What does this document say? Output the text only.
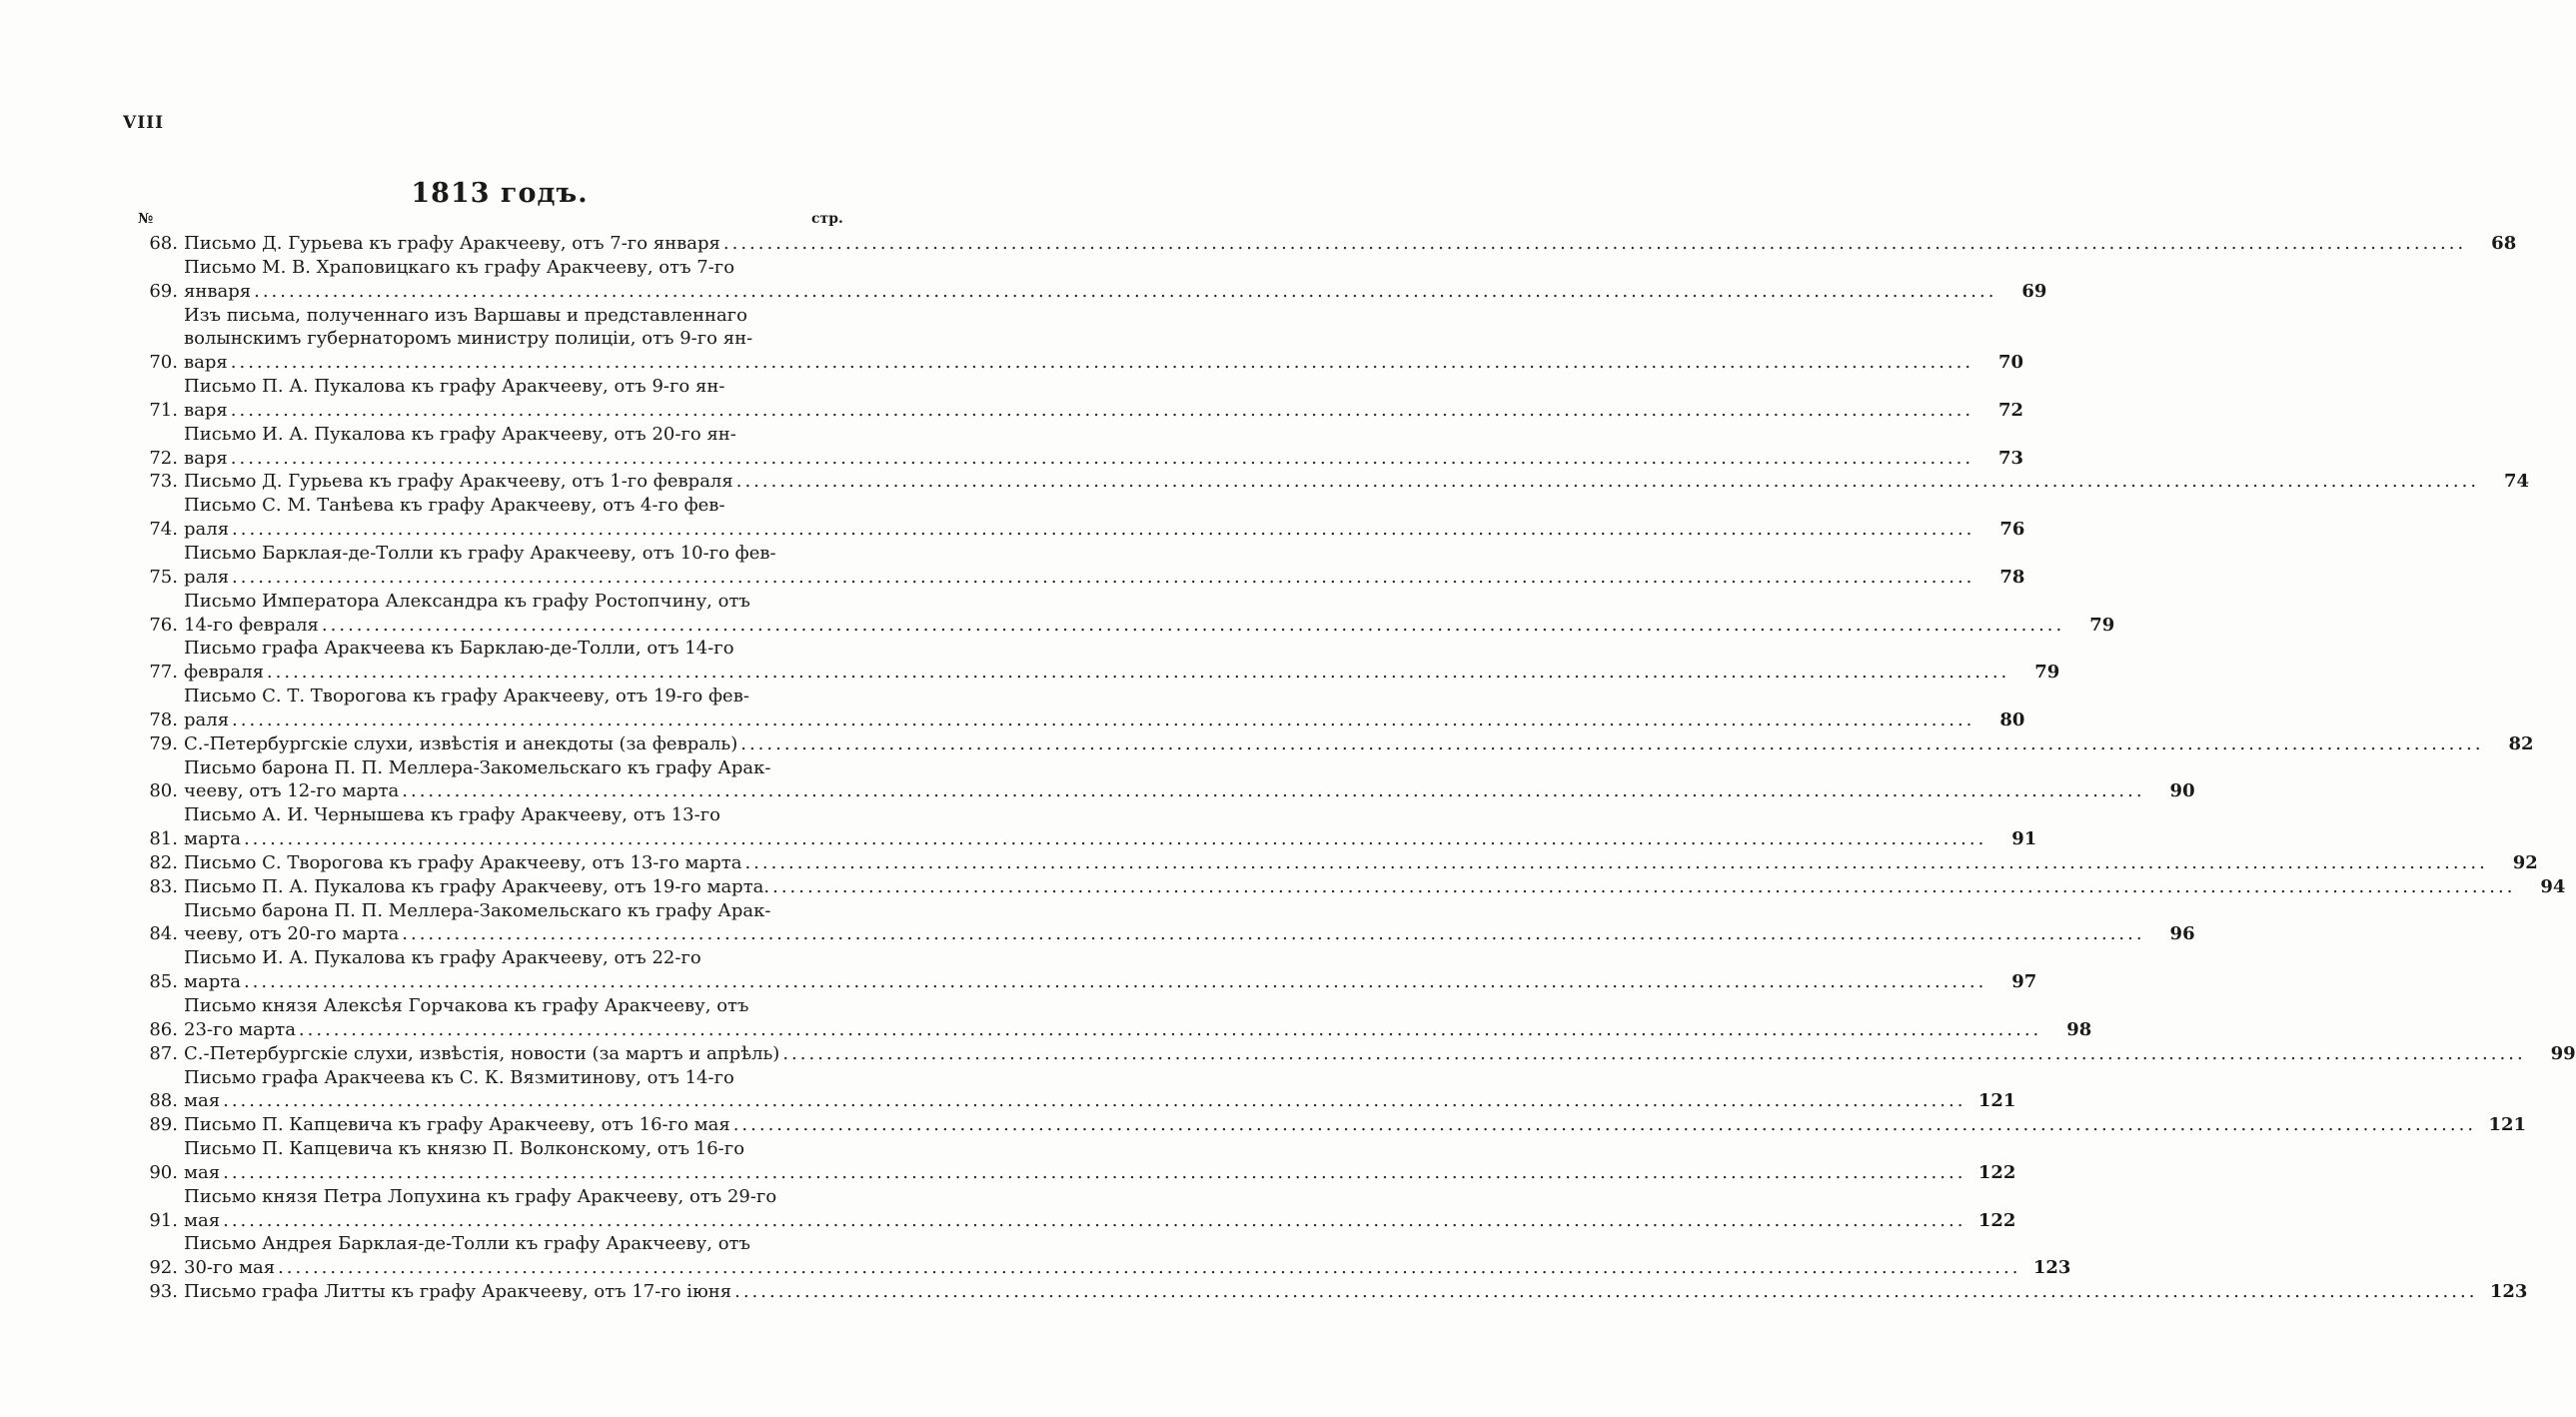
VIII
1813 годъ.
№	стр.
68. Письмо Д. Гурьева къ графу Аракчееву, отъ 7-го января ........................................................................................................................................................................................................	68
69.
Письмо М. В. Храповицкаго къ графу Аракчееву, отъ 7-го
января ........................................................................................................................................................................................................	69
70.
Изъ письма, полученнаго изъ Варшавы и представленнаго
волынскимъ губернаторомъ министру полиціи, отъ 9-го ян-
варя ........................................................................................................................................................................................................	70
71.
Письмо П. А. Пукалова къ графу Аракчееву, отъ 9-го ян-
варя ........................................................................................................................................................................................................	72
72.
Письмо И. А. Пукалова къ графу Аракчееву, отъ 20-го ян-
варя ........................................................................................................................................................................................................	73
73. Письмо Д. Гурьева къ графу Аракчееву, отъ 1-го февраля ........................................................................................................................................................................................................	74
74.
Письмо С. М. Танѣева къ графу Аракчееву, отъ 4-го фев-
раля ........................................................................................................................................................................................................	76
75.
Письмо Барклая-де-Толли къ графу Аракчееву, отъ 10-го фев-
раля ........................................................................................................................................................................................................	78
76.
Письмо Императора Александра къ графу Ростопчину, отъ
14-го февраля ........................................................................................................................................................................................................	79
77.
Письмо графа Аракчеева къ Барклаю-де-Толли, отъ 14-го
февраля ........................................................................................................................................................................................................	79
78.
Письмо С. Т. Творогова къ графу Аракчееву, отъ 19-го фев-
раля ........................................................................................................................................................................................................	80
79. С.-Петербургскіе слухи, извѣстія и анекдоты (за февраль) ........................................................................................................................................................................................................	82
80.
Письмо барона П. П. Меллера-Закомельскаго къ графу Арак-
чееву, отъ 12-го марта ........................................................................................................................................................................................................	90
81.
Письмо А. И. Чернышева къ графу Аракчееву, отъ 13-го
марта ........................................................................................................................................................................................................	91
82. Письмо С. Творогова къ графу Аракчееву, отъ 13-го марта ........................................................................................................................................................................................................	92
83. Письмо П. А. Пукалова къ графу Аракчееву, отъ 19-го марта. ........................................................................................................................................................................................................	94
84.
Письмо барона П. П. Меллера-Закомельскаго къ графу Арак-
чееву, отъ 20-го марта ........................................................................................................................................................................................................	96
85.
Письмо И. А. Пукалова къ графу Аракчееву, отъ 22-го
марта ........................................................................................................................................................................................................	97
86.
Письмо князя Алексѣя Горчакова къ графу Аракчееву, отъ
23-го марта ........................................................................................................................................................................................................	98
87. С.-Петербургскіе слухи, извѣстія, новости (за мартъ и апрѣль) ........................................................................................................................................................................................................	99
88.
Письмо графа Аракчеева къ С. К. Вязмитинову, отъ 14-го
мая ........................................................................................................................................................................................................ 121
89. Письмо П. Капцевича къ графу Аракчееву, отъ 16-го мая ........................................................................................................................................................................................................ 121
90.
Письмо П. Капцевича къ князю П. Волконскому, отъ 16-го
мая ........................................................................................................................................................................................................ 122
91.
Письмо князя Петра Лопухина къ графу Аракчееву, отъ 29-го
мая ........................................................................................................................................................................................................ 122
92.
Письмо Андрея Барклая-де-Толли къ графу Аракчееву, отъ
30-го мая ........................................................................................................................................................................................................ 123
93. Письмо графа Литты къ графу Аракчееву, отъ 17-го іюня ........................................................................................................................................................................................................ 123
